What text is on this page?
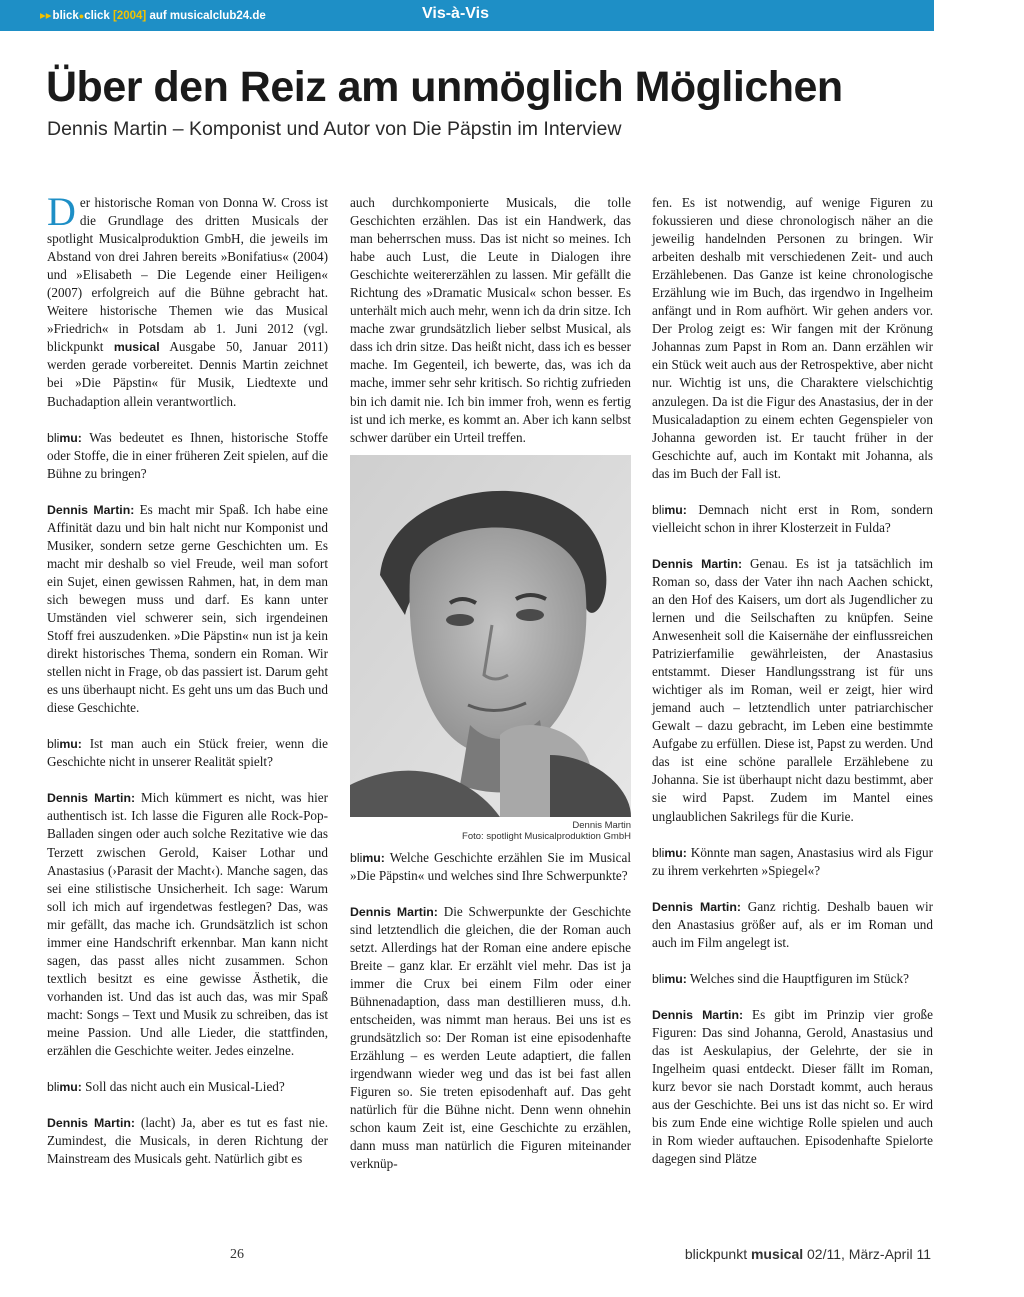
▸▸blick●click [2004] auf musicalclub24.de	Vis-à-Vis
Über den Reiz am unmöglich Möglichen
Dennis Martin – Komponist und Autor von Die Päpstin im Interview

Der historische Roman von Donna W. Cross ist die Grundlage des dritten Musicals der spotlight Musicalproduktion GmbH, die jeweils im Abstand von drei Jahren bereits »Bonifatius« (2004) und »Elisabeth – Die Legende einer Heiligen« (2007) erfolgreich auf die Bühne gebracht hat. Weitere historische Themen wie das Musical »Friedrich« in Potsdam ab 1. Juni 2012 (vgl. blickpunkt musical Ausgabe 50, Januar 2011) werden gerade vorbereitet. Dennis Martin zeichnet bei »Die Päpstin« für Musik, Liedtexte und Buchadaption allein verantwortlich.

blimu: Was bedeutet es Ihnen, historische Stoffe oder Stoffe, die in einer früheren Zeit spielen, auf die Bühne zu bringen?

Dennis Martin: Es macht mir Spaß. Ich habe eine Affinität dazu und bin halt nicht nur Komponist und Musiker, sondern setze gerne Geschichten um. Es macht mir deshalb so viel Freude, weil man sofort ein Sujet, einen gewissen Rahmen, hat, in dem man sich bewegen muss und darf. Es kann unter Umständen viel schwerer sein, sich irgendeinen Stoff frei auszudenken. »Die Päpstin« nun ist ja kein direkt historisches Thema, sondern ein Roman. Wir stellen nicht in Frage, ob das passiert ist. Darum geht es uns überhaupt nicht. Es geht uns um das Buch und diese Geschichte.

blimu: Ist man auch ein Stück freier, wenn die Geschichte nicht in unserer Realität spielt?

Dennis Martin: Mich kümmert es nicht, was hier authentisch ist. Ich lasse die Figuren alle Rock-Pop-Balladen singen oder auch solche Rezitative wie das Terzett zwischen Gerold, Kaiser Lothar und Anastasius (›Parasit der Macht‹). Manche sagen, das sei eine stilistische Unsicherheit. Ich sage: Warum soll ich mich auf irgendetwas festlegen? Das, was mir gefällt, das mache ich. Grundsätzlich ist schon immer eine Handschrift erkennbar. Man kann nicht sagen, das passt alles nicht zusammen. Schon textlich besitzt es eine gewisse Ästhetik, die vorhanden ist. Und das ist auch das, was mir Spaß macht: Songs – Text und Musik zu schreiben, das ist meine Passion. Und alle Lieder, die stattfinden, erzählen die Geschichte weiter. Jedes einzelne.

blimu: Soll das nicht auch ein Musical-Lied?

Dennis Martin: (lacht) Ja, aber es tut es fast nie. Zumindest, die Musicals, in deren Richtung der Mainstream des Musicals geht. Natürlich gibt es

auch durchkomponierte Musicals, die tolle Geschichten erzählen. Das ist ein Handwerk, das man beherrschen muss. Das ist nicht so meines. Ich habe auch Lust, die Leute in Dialogen ihre Geschichte weitererzählen zu lassen. Mir gefällt die Richtung des »Dramatic Musical« schon besser. Es unterhält mich auch mehr, wenn ich da drin sitze. Ich mache zwar grundsätzlich lieber selbst Musical, als dass ich drin sitze. Das heißt nicht, dass ich es besser mache. Im Gegenteil, ich bewerte, das, was ich da mache, immer sehr sehr kritisch. So richtig zufrieden bin ich damit nie. Ich bin immer froh, wenn es fertig ist und ich merke, es kommt an. Aber ich kann selbst schwer darüber ein Urteil treffen.

Dennis Martin
Foto: spotlight Musicalproduktion GmbH

blimu: Welche Geschichte erzählen Sie im Musical »Die Päpstin« und welches sind Ihre Schwerpunkte?

Dennis Martin: Die Schwerpunkte der Geschichte sind letztendlich die gleichen, die der Roman auch setzt. Allerdings hat der Roman eine andere epische Breite – ganz klar. Er erzählt viel mehr. Das ist ja immer die Crux bei einem Film oder einer Bühnenadaption, dass man destillieren muss, d.h. entscheiden, was nimmt man heraus. Bei uns ist es grundsätzlich so: Der Roman ist eine episodenhafte Erzählung – es werden Leute adaptiert, die fallen irgendwann wieder weg und das ist bei fast allen Figuren so. Sie treten episodenhaft auf. Das geht natürlich für die Bühne nicht. Denn wenn ohnehin schon kaum Zeit ist, eine Geschichte zu erzählen, dann muss man natürlich die Figuren miteinander verknüp-

fen. Es ist notwendig, auf wenige Figuren zu fokussieren und diese chronologisch näher an die jeweilig handelnden Personen zu bringen. Wir arbeiten deshalb mit verschiedenen Zeit- und auch Erzählebenen. Das Ganze ist keine chronologische Erzählung wie im Buch, das irgendwo in Ingelheim anfängt und in Rom aufhört. Wir gehen anders vor. Der Prolog zeigt es: Wir fangen mit der Krönung Johannas zum Papst in Rom an. Dann erzählen wir ein Stück weit auch aus der Retrospektive, aber nicht nur. Wichtig ist uns, die Charaktere vielschichtig anzulegen. Da ist die Figur des Anastasius, der in der Musicaladaption zu einem echten Gegenspieler von Johanna geworden ist. Er taucht früher in der Geschichte auf, auch im Kontakt mit Johanna, als das im Buch der Fall ist.

blimu: Demnach nicht erst in Rom, sondern vielleicht schon in ihrer Klosterzeit in Fulda?

Dennis Martin: Genau. Es ist ja tatsächlich im Roman so, dass der Vater ihn nach Aachen schickt, an den Hof des Kaisers, um dort als Jugendlicher zu lernen und die Seilschaften zu knüpfen. Seine Anwesenheit soll die Kaisernähe der einflussreichen Patrizierfamilie gewährleisten, der Anastasius entstammt. Dieser Handlungsstrang ist für uns wichtiger als im Roman, weil er zeigt, hier wird jemand auch – letztendlich unter patriarchischer Gewalt – dazu gebracht, im Leben eine bestimmte Aufgabe zu erfüllen. Diese ist, Papst zu werden. Und das ist eine schöne parallele Erzählebene zu Johanna. Sie ist überhaupt nicht dazu bestimmt, aber sie wird Papst. Zudem im Mantel eines unglaublichen Sakrilegs für die Kurie.

blimu: Könnte man sagen, Anastasius wird als Figur zu ihrem verkehrten »Spiegel«?

Dennis Martin: Ganz richtig. Deshalb bauen wir den Anastasius größer auf, als er im Roman und auch im Film angelegt ist.

blimu: Welches sind die Hauptfiguren im Stück?

Dennis Martin: Es gibt im Prinzip vier große Figuren: Das sind Johanna, Gerold, Anastasius und das ist Aeskulapius, der Gelehrte, der sie in Ingelheim quasi entdeckt. Dieser fällt im Roman, kurz bevor sie nach Dorstadt kommt, auch heraus aus der Geschichte. Bei uns ist das nicht so. Er wird bis zum Ende eine wichtige Rolle spielen und auch in Rom wieder auftauchen. Episodenhafte Spielorte dagegen sind Plätze

26	blickpunkt musical 02/11, März-April 11
